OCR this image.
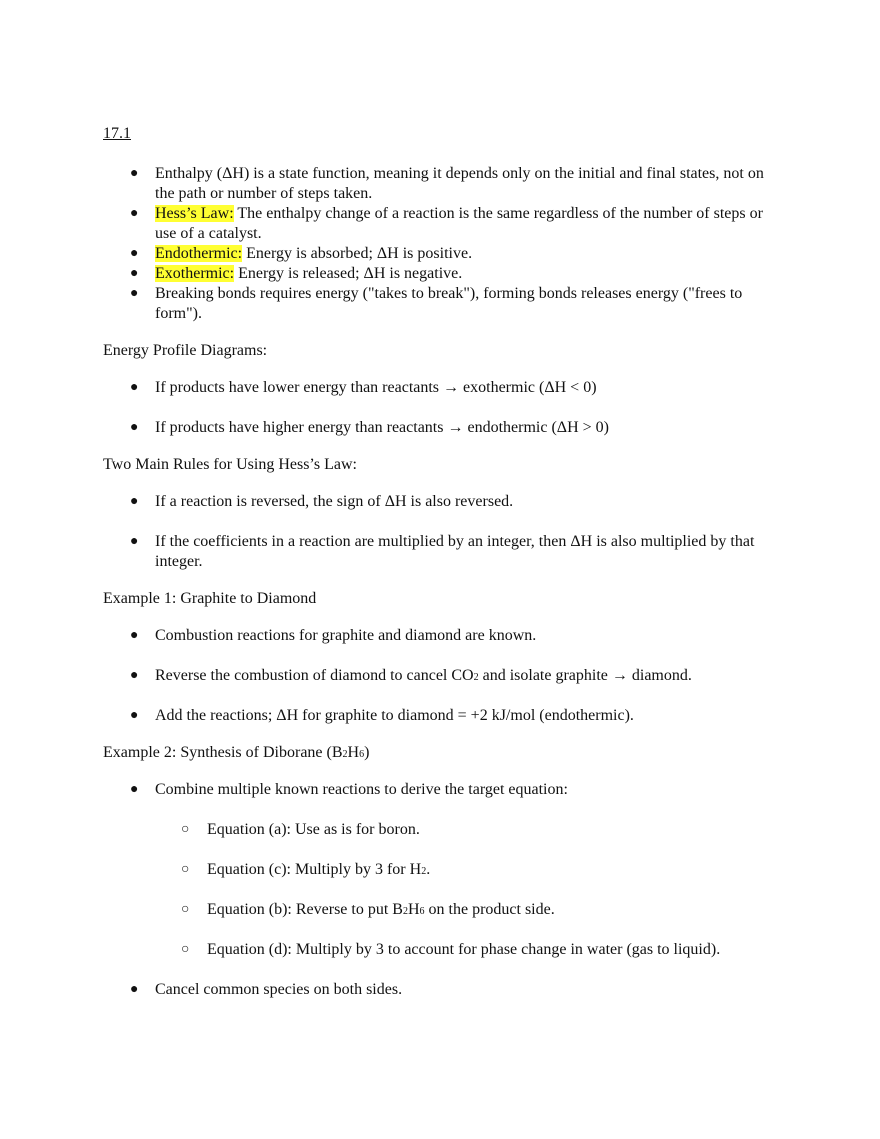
17.1
●	Enthalpy (ΔH) is a state function, meaning it depends only on the initial and final states, not on the path or number of steps taken.
●	Hess’s Law: The enthalpy change of a reaction is the same regardless of the number of steps or use of a catalyst.
●	Endothermic: Energy is absorbed; ΔH is positive.
●	Exothermic: Energy is released; ΔH is negative.
●	Breaking bonds requires energy ("takes to break"), forming bonds releases energy ("frees to form").
Energy Profile Diagrams:
●	If products have lower energy than reactants → exothermic (ΔH < 0)
●	If products have higher energy than reactants → endothermic (ΔH > 0)
Two Main Rules for Using Hess’s Law:
●	If a reaction is reversed, the sign of ΔH is also reversed.
●	If the coefficients in a reaction are multiplied by an integer, then ΔH is also multiplied by that integer.
Example 1: Graphite to Diamond
●	Combustion reactions for graphite and diamond are known.
●	Reverse the combustion of diamond to cancel CO2 and isolate graphite → diamond.
●	Add the reactions; ΔH for graphite to diamond = +2 kJ/mol (endothermic).
Example 2: Synthesis of Diborane (B2H6)
●	Combine multiple known reactions to derive the target equation:
○	Equation (a): Use as is for boron.
○	Equation (c): Multiply by 3 for H2.
○	Equation (b): Reverse to put B2H6 on the product side.
○	Equation (d): Multiply by 3 to account for phase change in water (gas to liquid).
●	Cancel common species on both sides.
